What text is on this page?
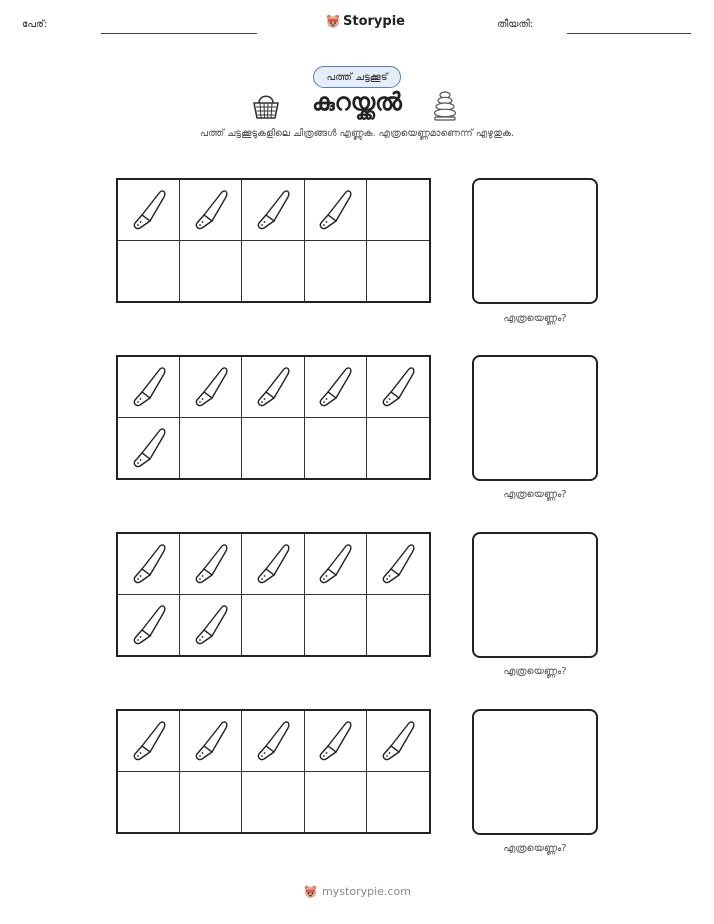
പേര്:	Storypie	തീയതി:
പത്ത് ചട്ടക്കൂട്
കുറയ്ക്കൽ
പത്ത് ചട്ടക്കൂടുകളിലെ ചിത്രങ്ങൾ എണ്ണുക. എത്രയെണ്ണമാണെന്ന് എഴുതുക.
എത്രയെണ്ണം?
എത്രയെണ്ണം?
എത്രയെണ്ണം?
എത്രയെണ്ണം?
mystorypie.com
